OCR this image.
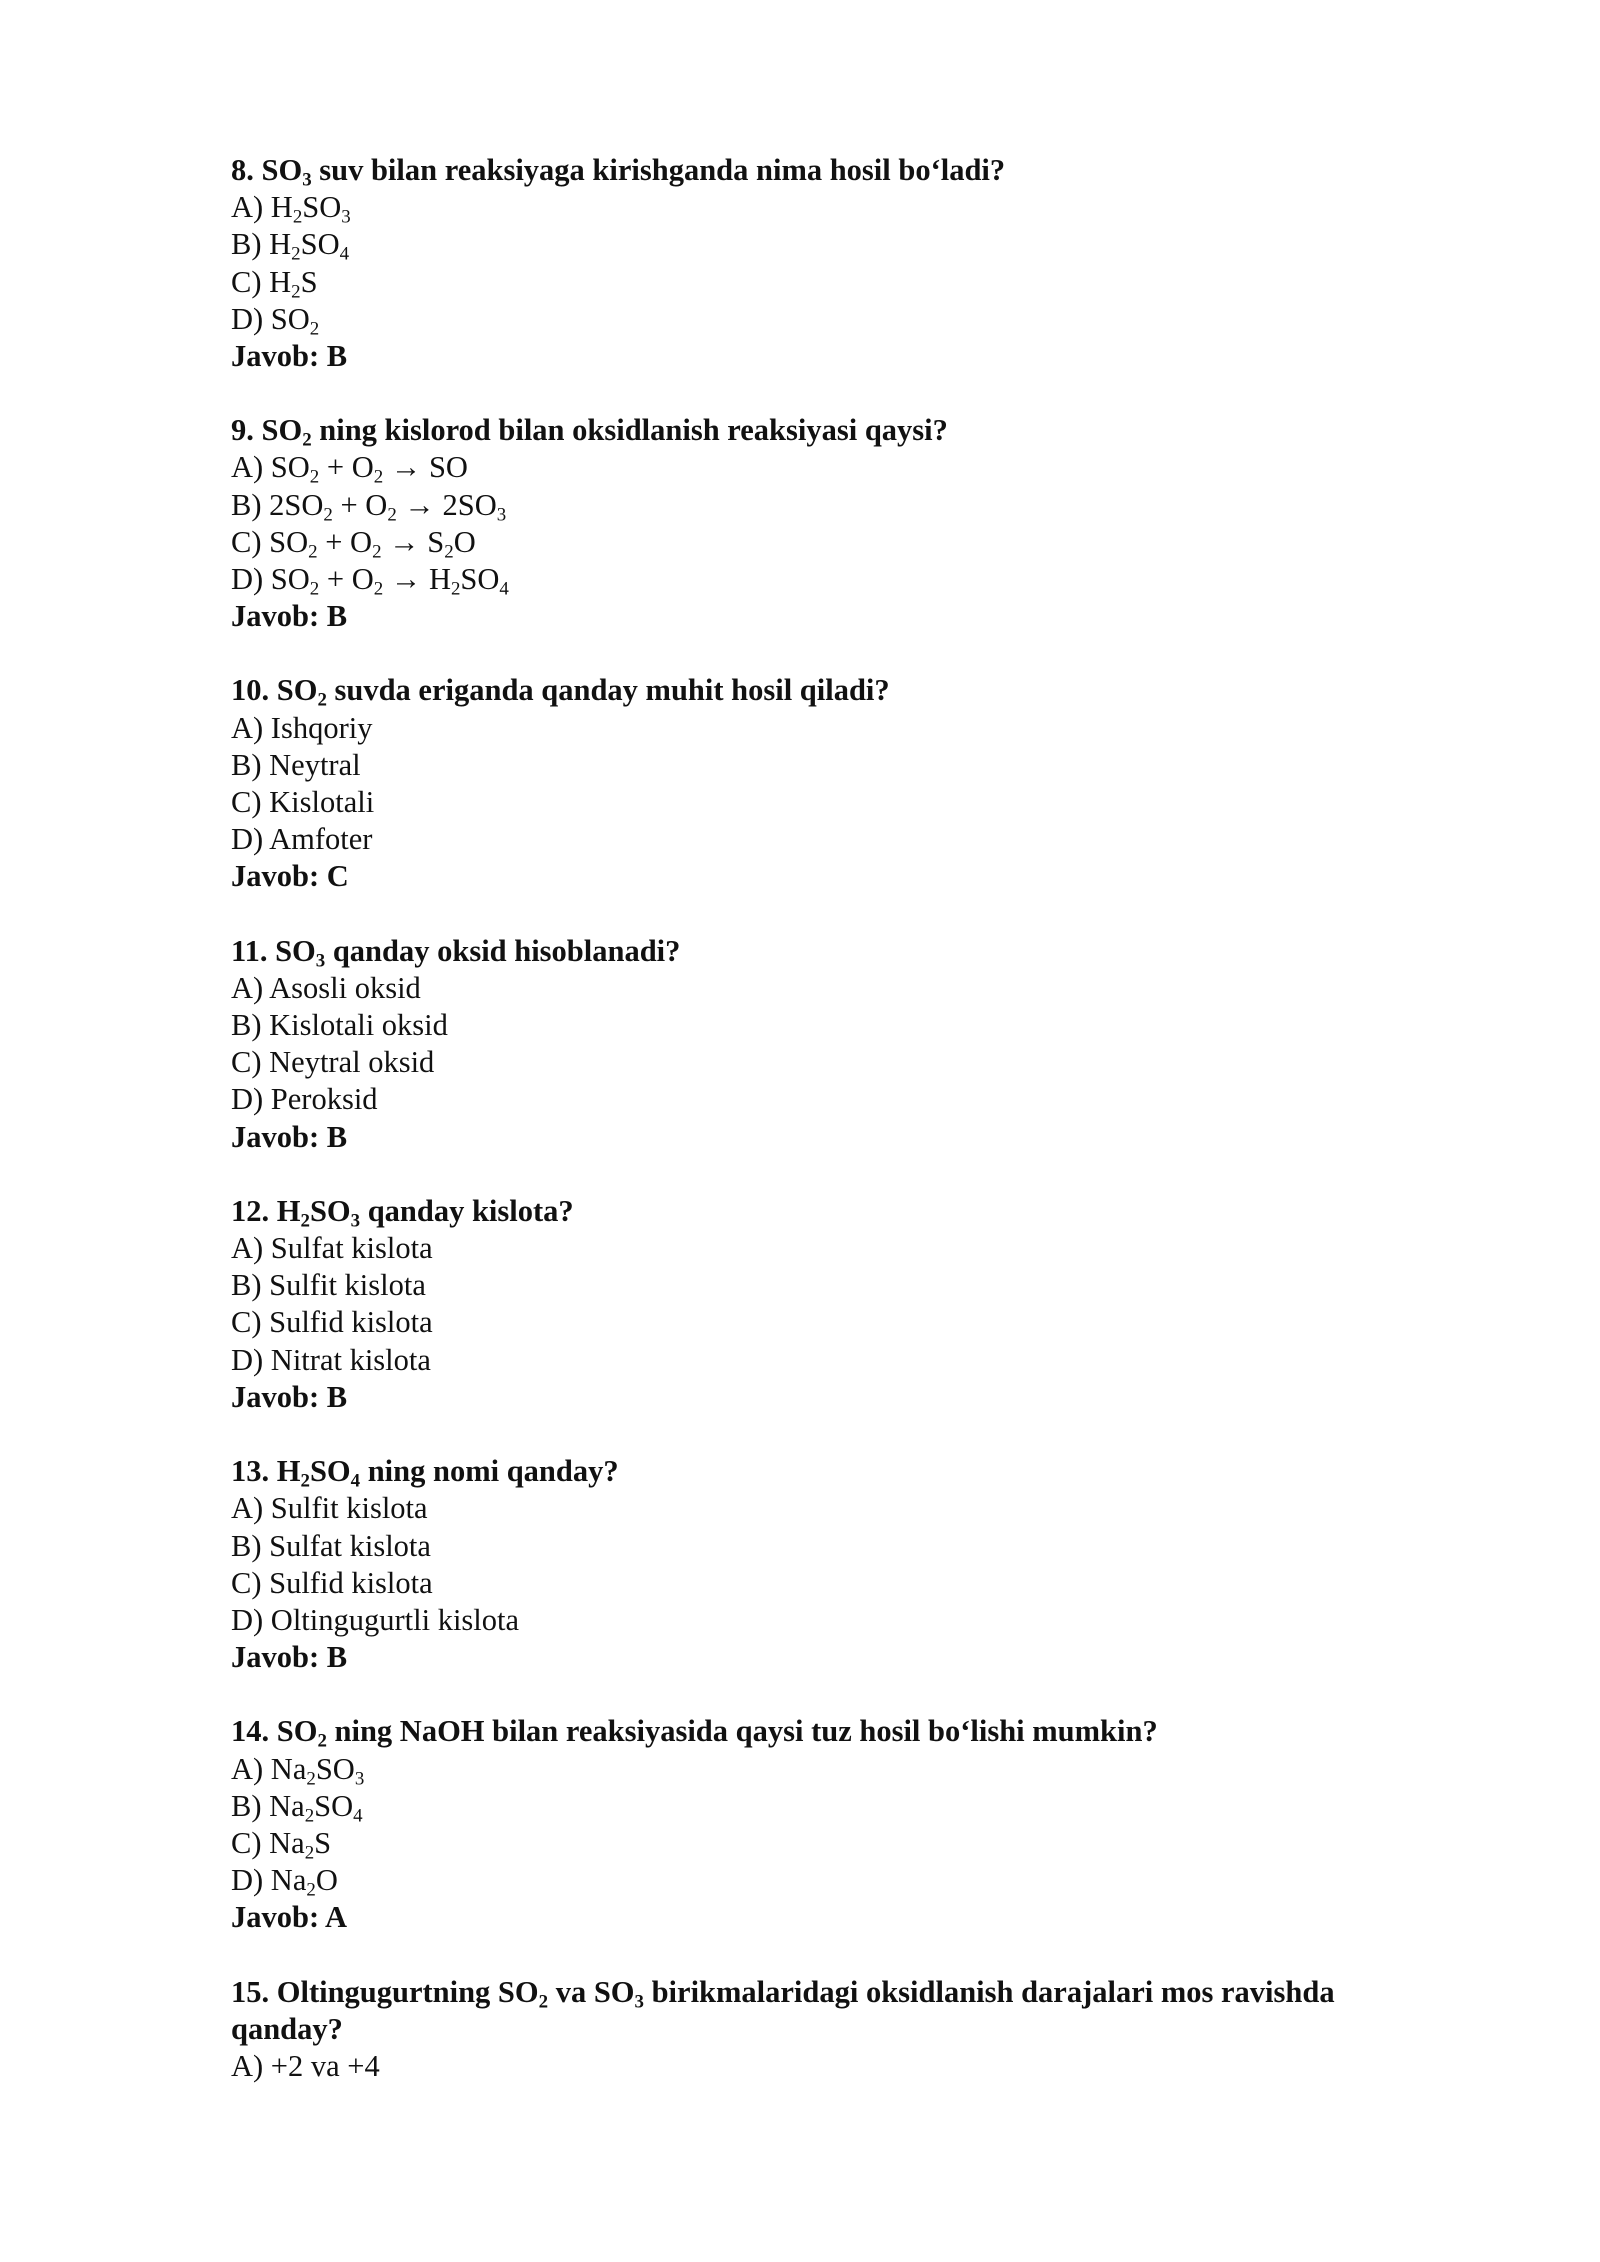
8. $SO_3$ suv bilan reaksiyaga kirishganda nima hosil bo‘ladi?
A) $H_2SO_3$
B) $H_2SO_4$
C) $H_2S$
D) $SO_2$
Javob: B
9. $SO_2$ ning kislorod bilan oksidlanish reaksiyasi qaysi?
A) $SO_2 + O_2$ → SO
B) $2SO_2 + O_2 \to 2SO_3$
C) $SO_2 + O_2 \to S_2O$
D) $SO_2 + O_2 \to H_2SO_4$
Javob: B
10. $SO_2$ suvda eriganda qanday muhit hosil qiladi?
A) Ishqoriy
B) Neytral
C) Kislotali
D) Amfoter
Javob: C
11. $SO_3$ qanday oksid hisoblanadi?
A) Asosli oksid
B) Kislotali oksid
C) Neytral oksid
D) Peroksid
Javob: B
12. $H_2SO_3$ qanday kislota?
A) Sulfat kislota
B) Sulfit kislota
C) Sulfid kislota
D) Nitrat kislota
Javob: B
13. $H_2SO_4$ ning nomi qanday?
A) Sulfit kislota
B) Sulfat kislota
C) Sulfid kislota
D) Oltingugurtli kislota
Javob: B
14. $SO_2$ ning NaOH bilan reaksiyasida qaysi tuz hosil bo‘lishi mumkin?
A) $Na_2SO_3$
B) $Na_2SO_4$
C) $Na_2S$
D) $Na_2O$
Javob: A
15. Oltingugurtning $SO_2$ va $SO_3$ birikmalaridagi oksidlanish darajalari mos ravishda qanday?
A) +2 va +4
